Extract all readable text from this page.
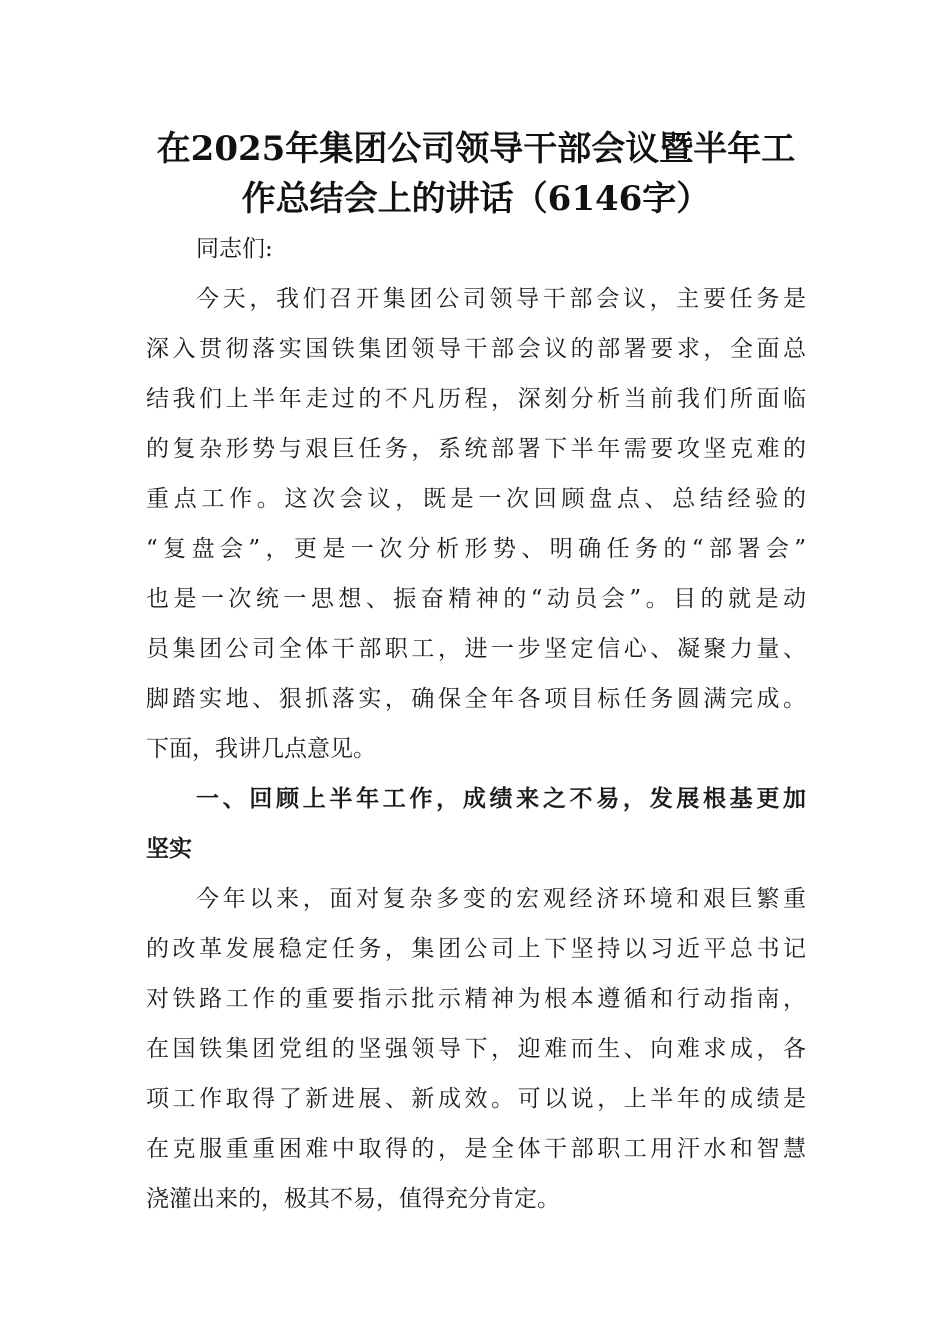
在2025年集团公司领导干部会议暨半年工
作总结会上的讲话（6146字）
同志们:
今天，我们召开集团公司领导干部会议，主要任务是
深入贯彻落实国铁集团领导干部会议的部署要求，全面总
结我们上半年走过的不凡历程，深刻分析当前我们所面临
的复杂形势与艰巨任务，系统部署下半年需要攻坚克难的
重点工作。这次会议，既是一次回顾盘点、总结经验的
“复盘会”，更是一次分析形势、明确任务的“部署会”
也是一次统一思想、振奋精神的“动员会”。目的就是动
员集团公司全体干部职工，进一步坚定信心、凝聚力量、
脚踏实地、狠抓落实，确保全年各项目标任务圆满完成。
下面，我讲几点意见。
一、回顾上半年工作，成绩来之不易，发展根基更加
坚实
今年以来，面对复杂多变的宏观经济环境和艰巨繁重
的改革发展稳定任务，集团公司上下坚持以习近平总书记
对铁路工作的重要指示批示精神为根本遵循和行动指南，
在国铁集团党组的坚强领导下，迎难而生、向难求成，各
项工作取得了新进展、新成效。可以说，上半年的成绩是
在克服重重困难中取得的，是全体干部职工用汗水和智慧
浇灌出来的，极其不易，值得充分肯定。
